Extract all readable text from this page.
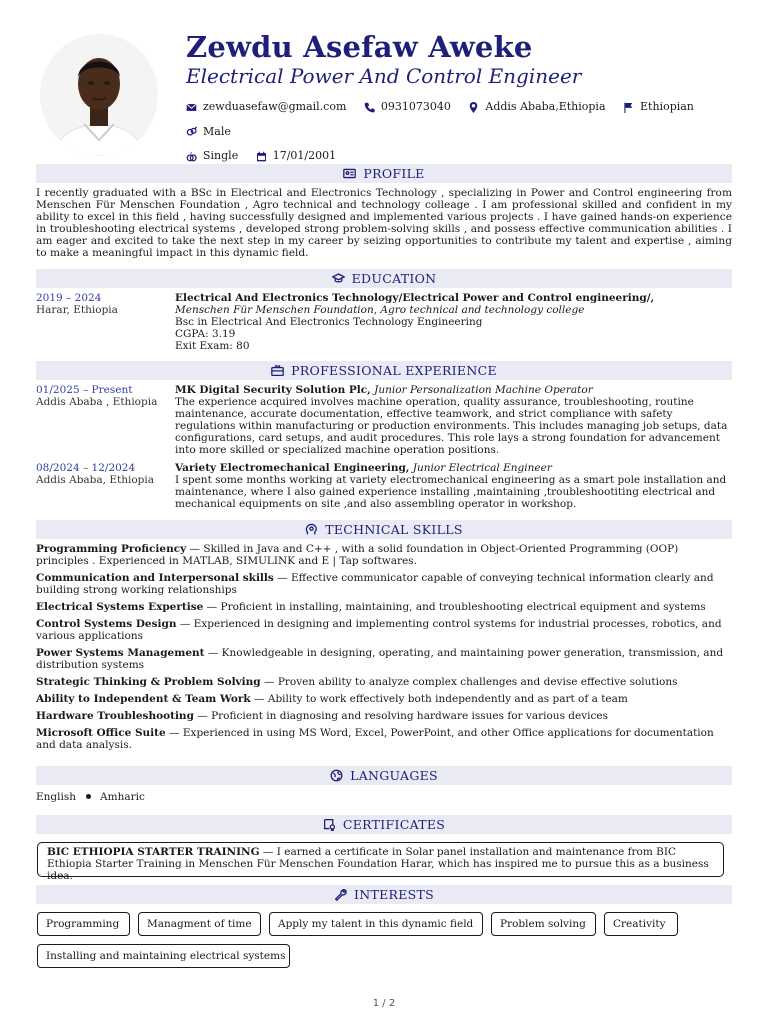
Zewdu Asefaw Aweke
Electrical Power And Control Engineer
zewduasefaw@gmail.com
	0931073040
	Addis Ababa,Ethiopia
	Ethiopian

Male

Single
	17/01/2001
PROFILE
I recently graduated with a BSc in Electrical and Electronics Technology , specializing in Power and Control engineering from Menschen Für Menschen Foundation , Agro technical and technology colleage . I am professional skilled and confident in my ability to excel in this field , having successfully designed and implemented various projects . I have gained hands-on experience in troubleshooting electrical systems , developed strong problem-solving skills , and possess effective communication abilities . I am eager and excited to take the next step in my career by seizing opportunities to contribute my talent and expertise , aiming to make a meaningful impact in this dynamic field.
EDUCATION
2019 – 2024
Harar, Ethiopia
Electrical And Electronics Technology/Electrical Power and Control engineering/,
Menschen Für Menschen Foundation, Agro technical and technology college
Bsc in Electrical And Electronics Technology Engineering
CGPA: 3.19
Exit Exam: 80
PROFESSIONAL EXPERIENCE
01/2025 – Present
Addis Ababa , Ethiopia
MK Digital Security Solution Plc, Junior Personalization Machine Operator
The experience acquired involves machine operation, quality assurance, troubleshooting, routine maintenance, accurate documentation, effective teamwork, and strict compliance with safety regulations within manufacturing or production environments. This includes managing job setups, data configurations, card setups, and audit procedures. This role lays a strong foundation for advancement into more skilled or specialized machine operation positions.
08/2024 – 12/2024
Addis Ababa, Ethiopia
Variety Electromechanical Engineering, Junior Electrical Engineer
I spent some months working at variety electromechanical engineering as a smart pole installation and maintenance, where I also gained experience installing ,maintaining ,troubleshootiting electrical and mechanical equipments on site ,and also assembling operator in workshop.
TECHNICAL SKILLS
Programming Proficiency — Skilled in Java and C++ , with a solid foundation in Object-Oriented Programming (OOP) principles . Experienced in MATLAB, SIMULINK and E | Tap softwares.
Communication and Interpersonal skills — Effective communicator capable of conveying technical information clearly and building strong working relationships
Electrical Systems Expertise — Proficient in installing, maintaining, and troubleshooting electrical equipment and systems
Control Systems Design — Experienced in designing and implementing control systems for industrial processes, robotics, and various applications
Power Systems Management — Knowledgeable in designing, operating, and maintaining power generation, transmission, and distribution systems
Strategic Thinking & Problem Solving — Proven ability to analyze complex challenges and devise effective solutions
Ability to Independent & Team Work — Ability to work effectively both independently and as part of a team
Hardware Troubleshooting — Proficient in diagnosing and resolving hardware issues for various devices
Microsoft Office Suite — Experienced in using MS Word, Excel, PowerPoint, and other Office applications for documentation and data analysis.
LANGUAGES
English Amharic
CERTIFICATES
BIC ETHIOPIA STARTER TRAINING — I earned a certificate in Solar panel installation and maintenance from BIC Ethiopia Starter Training in Menschen Für Menschen Foundation Harar, which has inspired me to pursue this as a business idea.
INTERESTS
Programming	Managment of time	Apply my talent in this dynamic field	Problem solving	Creativity
Installing and maintaining electrical systems
1 / 2
